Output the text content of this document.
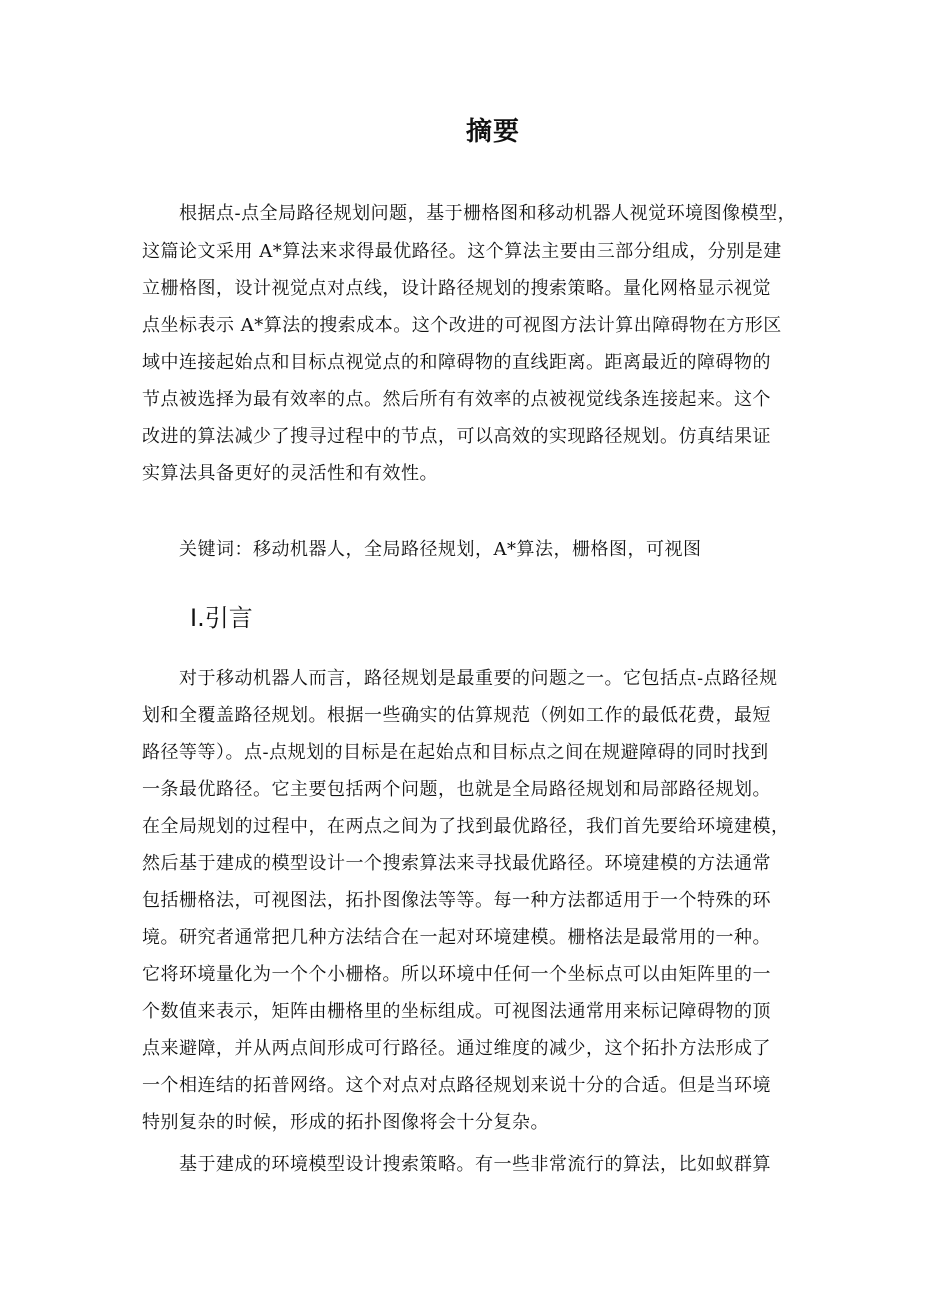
摘要
根据点-点全局路径规划问题，基于栅格图和移动机器人视觉环境图像模型，
这篇论文采用 A*算法来求得最优路径。这个算法主要由三部分组成，分别是建
立栅格图，设计视觉点对点线，设计路径规划的搜索策略。量化网格显示视觉
点坐标表示 A*算法的搜索成本。这个改进的可视图方法计算出障碍物在方形区
域中连接起始点和目标点视觉点的和障碍物的直线距离。距离最近的障碍物的
节点被选择为最有效率的点。然后所有有效率的点被视觉线条连接起来。这个
改进的算法减少了搜寻过程中的节点，可以高效的实现路径规划。仿真结果证
实算法具备更好的灵活性和有效性。
关键词：移动机器人，全局路径规划，A*算法，栅格图，可视图
Ⅰ.引言
对于移动机器人而言，路径规划是最重要的问题之一。它包括点-点路径规
划和全覆盖路径规划。根据一些确实的估算规范（例如工作的最低花费，最短
路径等等）。点-点规划的目标是在起始点和目标点之间在规避障碍的同时找到
一条最优路径。它主要包括两个问题，也就是全局路径规划和局部路径规划。
在全局规划的过程中，在两点之间为了找到最优路径，我们首先要给环境建模，
然后基于建成的模型设计一个搜索算法来寻找最优路径。环境建模的方法通常
包括栅格法，可视图法，拓扑图像法等等。每一种方法都适用于一个特殊的环
境。研究者通常把几种方法结合在一起对环境建模。栅格法是最常用的一种。
它将环境量化为一个个小栅格。所以环境中任何一个坐标点可以由矩阵里的一
个数值来表示，矩阵由栅格里的坐标组成。可视图法通常用来标记障碍物的顶
点来避障，并从两点间形成可行路径。通过维度的减少，这个拓扑方法形成了
一个相连结的拓普网络。这个对点对点路径规划来说十分的合适。但是当环境
特别复杂的时候，形成的拓扑图像将会十分复杂。
基于建成的环境模型设计搜索策略。有一些非常流行的算法，比如蚁群算
